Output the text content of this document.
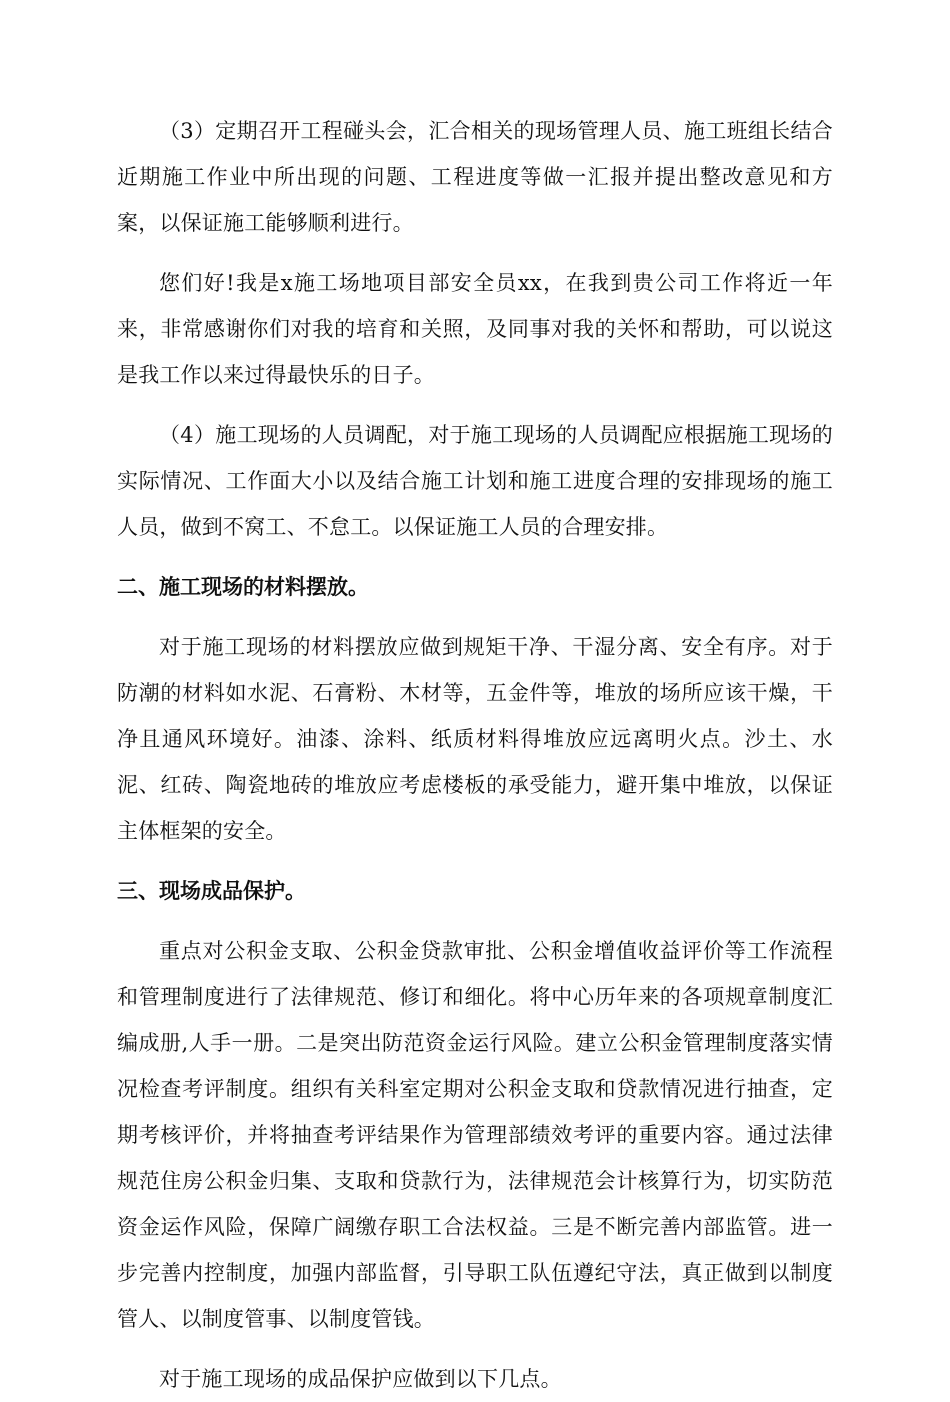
（3）定期召开工程碰头会，汇合相关的现场管理人员、施工班组长结合近期施工作业中所出现的问题、工程进度等做一汇报并提出整改意见和方案，以保证施工能够顺利进行。

您们好!我是x施工场地项目部安全员xx，在我到贵公司工作将近一年来，非常感谢你们对我的培育和关照，及同事对我的关怀和帮助，可以说这是我工作以来过得最快乐的日子。

（4）施工现场的人员调配，对于施工现场的人员调配应根据施工现场的实际情况、工作面大小以及结合施工计划和施工进度合理的安排现场的施工人员，做到不窝工、不怠工。以保证施工人员的合理安排。

二、施工现场的材料摆放。

对于施工现场的材料摆放应做到规矩干净、干湿分离、安全有序。对于防潮的材料如水泥、石膏粉、木材等，五金件等，堆放的场所应该干燥，干净且通风环境好。油漆、涂料、纸质材料得堆放应远离明火点。沙土、水泥、红砖、陶瓷地砖的堆放应考虑楼板的承受能力，避开集中堆放，以保证主体框架的安全。

三、现场成品保护。

重点对公积金支取、公积金贷款审批、公积金增值收益评价等工作流程和管理制度进行了法律规范、修订和细化。将中心历年来的各项规章制度汇编成册,人手一册。二是突出防范资金运行风险。建立公积金管理制度落实情况检查考评制度。组织有关科室定期对公积金支取和贷款情况进行抽查，定期考核评价，并将抽查考评结果作为管理部绩效考评的重要内容。通过法律规范住房公积金归集、支取和贷款行为，法律规范会计核算行为，切实防范资金运作风险，保障广阔缴存职工合法权益。三是不断完善内部监管。进一步完善内控制度，加强内部监督，引导职工队伍遵纪守法，真正做到以制度管人、以制度管事、以制度管钱。

对于施工现场的成品保护应做到以下几点。
